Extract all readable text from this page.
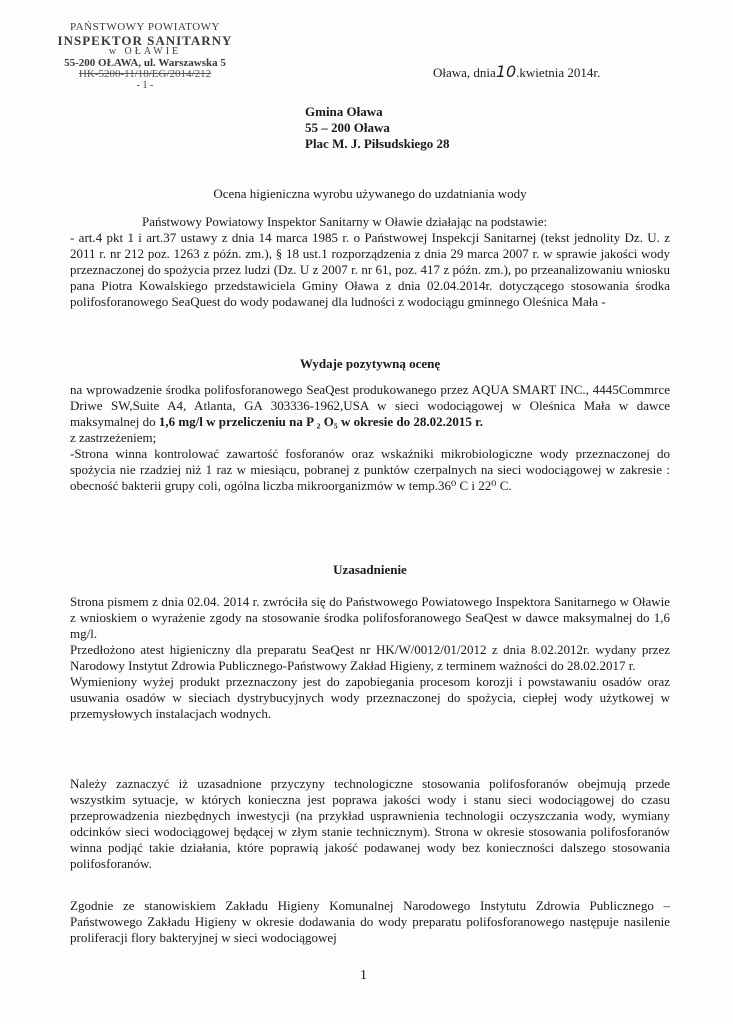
PAŃSTWOWY POWIATOWY
INSPEKTOR SANITARNY
w OŁAWIE
55-200 OŁAWA, ul. Warszawska 5
HK-5200-11/18/EG/2014/212
- 1 -
Oława, dnia10.kwietnia 2014r.
Gmina Oława
55 – 200 Oława
Plac M. J. Piłsudskiego 28
Ocena higieniczna wyrobu używanego do uzdatniania wody

Państwowy Powiatowy Inspektor Sanitarny w Oławie działając na podstawie:

- art.4 pkt 1 i art.37 ustawy z dnia 14 marca 1985 r. o Państwowej Inspekcji Sanitarnej (tekst jednolity Dz. U. z 2011 r. nr 212 poz. 1263 z późn. zm.), § 18 ust.1 rozporządzenia z dnia 29 marca 2007 r. w sprawie jakości wody przeznaczonej do spożycia przez ludzi (Dz. U z 2007 r. nr 61, poz. 417 z późn. zm.), po przeanalizowaniu wniosku pana Piotra Kowalskiego przedstawiciela Gminy Oława z dnia 02.04.2014r. dotyczącego stosowania środka polifosforanowego SeaQuest do wody podawanej dla ludności z wodociągu gminnego Oleśnica Mała -

Wydaje pozytywną ocenę

na wprowadzenie środka polifosforanowego SeaQest produkowanego przez AQUA SMART INC., 4445Commrce Driwe SW,Suite A4, Atlanta, GA 303336-1962,USA w sieci wodociągowej w Oleśnica Mała w dawce maksymalnej do 1,6 mg/l w przeliczeniu na P ₂ O₅ w okresie do 28.02.2015 r.

z zastrzeżeniem;

-Strona winna kontrolować zawartość fosforanów oraz wskaźniki mikrobiologiczne wody przeznaczonej do spożycia nie rzadziej niż 1 raz w miesiącu, pobranej z punktów czerpalnych na sieci wodociągowej w zakresie : obecność bakterii grupy coli, ogólna liczba mikroorganizmów w temp.36⁰ C i 22⁰ C.

Uzasadnienie

Strona pismem z dnia 02.04. 2014 r. zwróciła się do Państwowego Powiatowego Inspektora Sanitarnego w Oławie z wnioskiem o wyrażenie zgody na stosowanie środka polifosforanowego SeaQest w dawce maksymalnej do 1,6 mg/l.

Przedłożono atest higieniczny dla preparatu SeaQest nr HK/W/0012/01/2012 z dnia 8.02.2012r. wydany przez Narodowy Instytut Zdrowia Publicznego-Państwowy Zakład Higieny, z terminem ważności do 28.02.2017 r.

Wymieniony wyżej produkt przeznaczony jest do zapobiegania procesom korozji i powstawaniu osadów oraz usuwania osadów w sieciach dystrybucyjnych wody przeznaczonej do spożycia, ciepłej wody użytkowej w przemysłowych instalacjach wodnych.

Należy zaznaczyć iż uzasadnione przyczyny technologiczne stosowania polifosforanów obejmują przede wszystkim sytuacje, w których konieczna jest poprawa jakości wody i stanu sieci wodociągowej do czasu przeprowadzenia niezbędnych inwestycji (na przykład usprawnienia technologii oczyszczania wody, wymiany odcinków sieci wodociągowej będącej w złym stanie technicznym). Strona w okresie stosowania polifosforanów winna podjąć takie działania, które poprawią jakość podawanej wody bez konieczności dalszego stosowania polifosforanów.

Zgodnie ze stanowiskiem Zakładu Higieny Komunalnej Narodowego Instytutu Zdrowia Publicznego – Państwowego Zakładu Higieny w okresie dodawania do wody preparatu polifosforanowego następuje nasilenie proliferacji flory bakteryjnej w sieci wodociągowej

1
